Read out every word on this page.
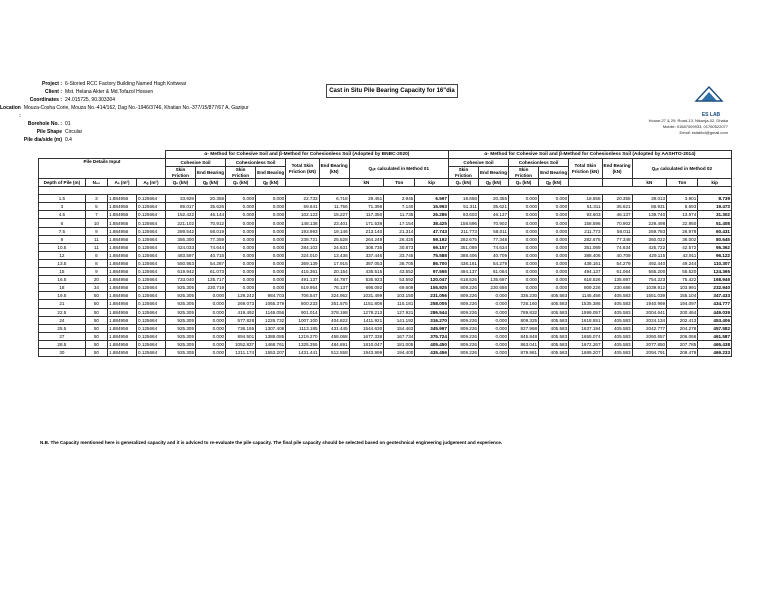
Project : 6-Storied RCC Factory Building Named Hagh Knitwear
Client : Mst. Helana Akter & Md.Tofazol Hossen
Coordinates : 24.015725, 90.303304
Location :
Mouza-Cosha Corie, Mouza No.-414/162, Dag No.-1946/3746, Khatian No.-377/15/877/67 A, Gazipur
Borehole No. : 01
Pile Shape Circular
Pile dia/side (m) 0.4
Cast in Situ Pile Bearing Capacity for 16"dia
ES LAB
House-27 & 29, Road-13, Nikunja-02, Dhaka
Mobile: 01687009933, 01760522077
Email: eslabbd@gmail.com
				α- Method for Cohesive Soil and β-Method for Cohesionless Soil (Adopted by BNBC-2020)									α- Method for Cohesive Soil and β-Method for Cohesionless Soil (Adopted by AASHTO-2014)								
Pile Details Input				Cohesive Soil		Cohesionless Soil		Total Skin Friction (kN)	End Bearing (kN)	Qᵤₗₜ calculated in Method 01			Cohesive Soil		Cohesionless Soil		Total Skin Friction (kN)	End Bearing (kN)	Qᵤₗₜ calculated in Method 02		
				Skin Friction	End Bearing	Skin Friction	End Bearing						Skin Friction	End Bearing	Skin Friction	End Bearing					

Depth of Pile (m)	N₆₀	Aₛ (m²)	Aᵦ (m²)	Qₛ (kN)	Qᵦ (kN)	Qₛ (kN)	Qᵦ (kN)			kN	Ton	kip	Qₛ (kN)	Qᵦ (kN)	Qₛ (kN)	Qᵦ (kN)			kN	Ton	kip

1.5	3	1.884956	0.125664	33.929	20.358	0.000	0.000	22.733	6.718	29.451	2.945	6.597	18.658	20.355	0.000	0.000	18.658	20.355	39.013	3.901	8.739
3	5	1.884956	0.125664	89.017	35.626	0.000	0.000	59.641	11.756	71.398	7.140	15.993	51.311	35.621	0.000	0.000	51.311	35.621	86.931	8.693	19.473
4.5	7	1.884956	0.125664	152.422	46.144	0.000	0.000	102.123	15.227	117.350	11.735	26.286	93.603	46.137	0.000	0.000	93.603	46.137	139.740	13.974	31.302
6	10	1.884956	0.125664	221.102	70.912	0.000	0.000	148.138	23.401	171.539	17.154	38.425	158.596	70.902	0.000	0.000	158.596	70.902	229.498	22.950	51.408
7.5	9	1.884956	0.125664	289.542	58.019	0.000	0.000	193.993	19.146	213.140	21.314	47.743	211.773	58.011	0.000	0.000	211.773	58.011	269.783	26.978	60.431
9	11	1.884956	0.125664	356.300	77.359	0.000	0.000	238.721	25.528	264.249	26.425	59.192	282.675	77.348	0.000	0.000	282.675	77.348	360.022	36.002	80.645
10.5	11	1.884956	0.125664	424.033	74.644	0.000	0.000	284.102	24.631	308.735	30.873	69.157	351.089	74.634	0.000	0.000	351.089	74.634	425.722	42.572	95.362
12	6	1.884956	0.125664	483.597	40.715	0.000	0.000	324.010	13.436	337.446	33.745	75.588	388.406	40.709	0.000	0.000	388.406	40.709	429.115	42.911	96.122
13.5	8	1.884956	0.125664	550.953	54.287	0.000	0.000	369.139	17.915	387.053	38.705	86.700	438.161	54.279	0.000	0.000	438.161	54.279	492.440	49.244	110.307
15	9	1.884956	0.125664	619.942	61.073	0.000	0.000	415.361	20.154	435.515	43.552	97.555	494.137	61.064	0.000	0.000	494.137	61.064	555.200	55.520	124.365
16.5	20	1.884956	0.125664	733.040	135.717	0.000	0.000	491.137	44.787	535.923	53.592	120.047	618.526	135.697	0.000	0.000	618.526	135.697	754.223	75.422	168.946
18	34	1.884956	0.125664	925.305	230.719	0.000	0.000	619.954	76.137	696.092	69.609	155.925	809.226	230.686	0.000	0.000	809.226	230.686	1039.912	103.991	232.940
19.5	50	1.884956	0.125664	925.305	0.000	129.242	984.703	706.547	324.952	1031.499	103.150	231.056	809.226	0.000	336.230	405.583	1145.456	405.583	1551.039	155.104	347.433
21	50	1.884956	0.125664	925.305	0.000	269.073	1065.379	800.233	351.575	1151.808	115.181	258.005	809.226	0.000	726.160	405.583	1535.386	405.583	1940.969	194.097	434.777
22.5	50	1.884956	0.125664	925.305	0.000	419.492	1146.056	901.014	378.198	1279.213	127.921	286.544	809.226	0.000	789.832	405.583	1599.057	405.583	2004.641	200.464	449.039
24	50	1.884956	0.125664	925.305	0.000	577.828	1226.732	1007.100	404.822	1411.921	141.192	316.270	809.226	0.000	809.325	405.583	1618.551	405.583	2024.134	202.413	453.406
25.5	50	1.884956	0.125664	925.305	0.000	736.165	1307.408	1113.185	431.445	1544.630	154.463	345.997	809.226	0.000	827.968	405.583	1637.194	405.583	2042.777	204.278	457.582
27	50	1.884956	0.125664	925.305	0.000	894.501	1388.085	1219.270	458.068	1677.338	167.734	375.724	809.226	0.000	845.848	405.583	1655.074	405.583	2060.657	206.066	461.587
28.5	50	1.884956	0.125664	925.305	0.000	1052.837	1468.761	1325.355	484.691	1810.047	181.005	405.450	809.226	0.000	863.041	405.583	1672.267	405.583	2077.850	207.785	465.438
30	50	1.884956	0.125664	925.305	0.000	1211.174	1553.207	1431.441	512.558	1943.999	194.400	435.456	809.226	0.000	879.981	405.583	1689.207	405.583	2094.791	209.479	469.233
N.B. The Capacity mentioned here is generalized capacity and it is adviced to re-evaluate the pile capacity. The final pile capacity should be selected based on geotechnical engineering judgement and experience.
